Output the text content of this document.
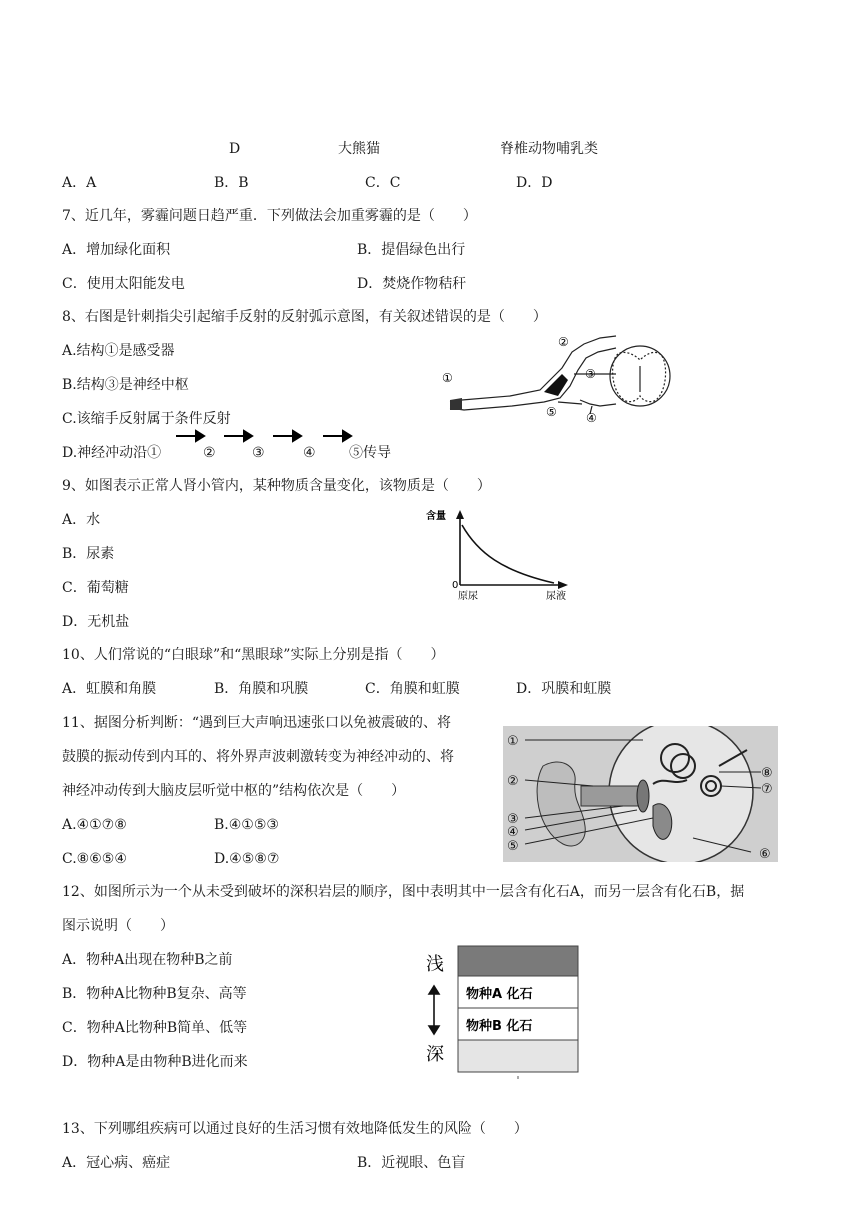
D	大熊猫	脊椎动物哺乳类
A．A	B．B	C．C	D．D
7、近几年，雾霾问题日趋严重．下列做法会加重雾霾的是（　　）
A．增加绿化面积	B．提倡绿色出行
C．使用太阳能发电	D．焚烧作物秸秆
8、右图是针刺指尖引起缩手反射的反射弧示意图，有关叙述错误的是（　　）
A.结构①是感受器
B.结构③是神经中枢
C.该缩手反射属于条件反射
D.神经冲动沿①	②	③	④ ⑤传导
①
②
③
④
⑤
9、如图表示正常人肾小管内，某种物质含量变化，该物质是（　　）
A．水
B．尿素
C．葡萄糖
D．无机盐
含量
0
原尿	尿液
10、人们常说的“白眼球”和“黑眼球”实际上分别是指（　　）
A．虹膜和角膜	B．角膜和巩膜	C．角膜和虹膜	D．巩膜和虹膜
11、据图分析判断：“遇到巨大声响迅速张口以免被震破的、将
鼓膜的振动传到内耳的、将外界声波刺激转变为神经冲动的、将
神经冲动传到大脑皮层听觉中枢的”结构依次是（　　）
A.④①⑦⑧	B.④①⑤③
C.⑧⑥⑤④	D.④⑤⑧⑦
①
②
③
④
⑤
⑥
⑦
⑧
12、如图所示为一个从未受到破坏的深积岩层的顺序，图中表明其中一层含有化石A，而另一层含有化石B，据
图示说明（　　）
A．物种A出现在物种B之前
B．物种A比物种B复杂、高等
C．物种A比物种B简单、低等
D．物种A是由物种B进化而来
浅
深
物种A 化石
物种B 化石
13、下列哪组疾病可以通过良好的生活习惯有效地降低发生的风险（　　）
A．冠心病、癌症	B．近视眼、色盲
